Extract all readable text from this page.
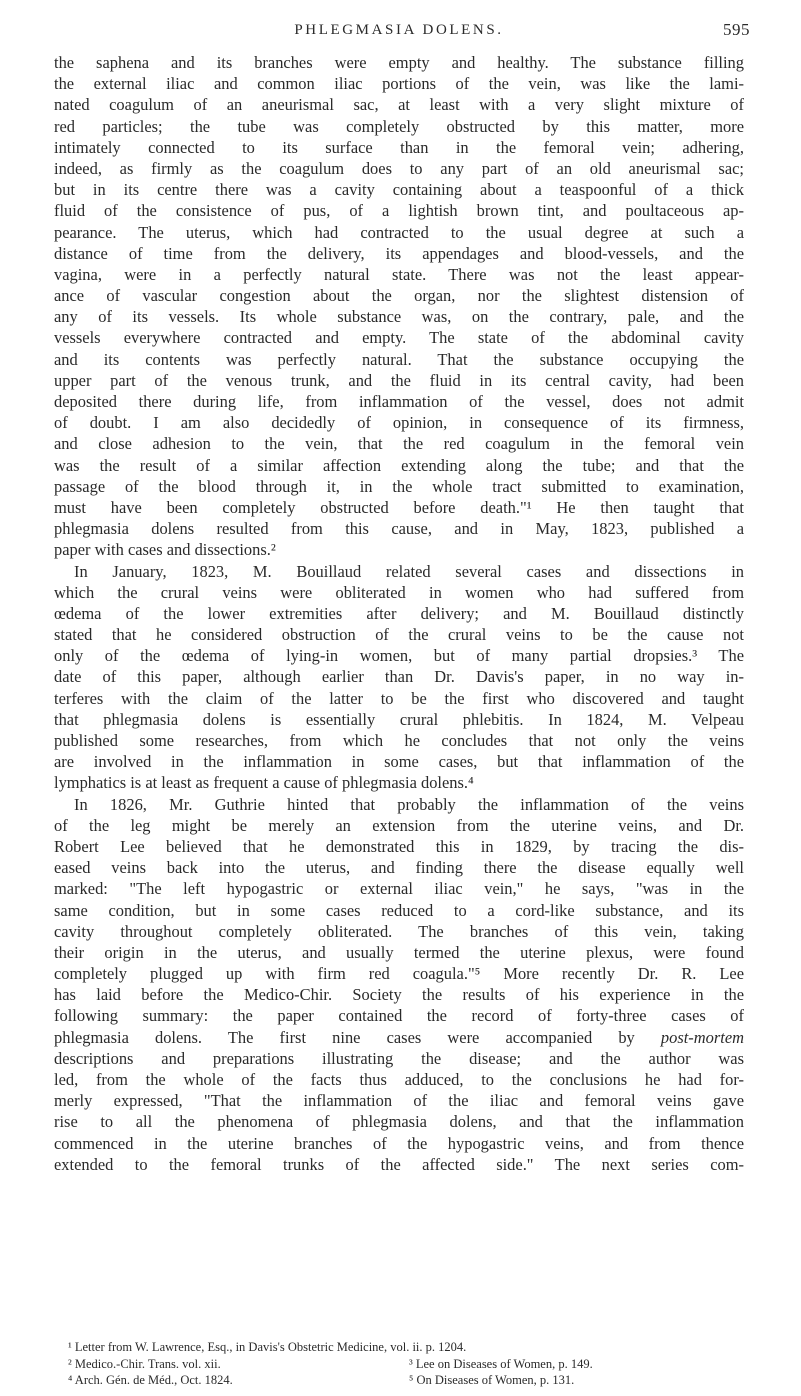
PHLEGMASIA DOLENS.	595
the saphena and its branches were empty and healthy. The substance filling
the external iliac and common iliac portions of the vein, was like the lami-
nated coagulum of an aneurismal sac, at least with a very slight mixture of
red particles; the tube was completely obstructed by this matter, more
intimately connected to its surface than in the femoral vein; adhering,
indeed, as firmly as the coagulum does to any part of an old aneurismal sac;
but in its centre there was a cavity containing about a teaspoonful of a thick
fluid of the consistence of pus, of a lightish brown tint, and poultaceous ap-
pearance. The uterus, which had contracted to the usual degree at such a
distance of time from the delivery, its appendages and blood-vessels, and the
vagina, were in a perfectly natural state. There was not the least appear-
ance of vascular congestion about the organ, nor the slightest distension of
any of its vessels. Its whole substance was, on the contrary, pale, and the
vessels everywhere contracted and empty. The state of the abdominal cavity
and its contents was perfectly natural. That the substance occupying the
upper part of the venous trunk, and the fluid in its central cavity, had been
deposited there during life, from inflammation of the vessel, does not admit
of doubt. I am also decidedly of opinion, in consequence of its firmness,
and close adhesion to the vein, that the red coagulum in the femoral vein
was the result of a similar affection extending along the tube; and that the
passage of the blood through it, in the whole tract submitted to examination,
must have been completely obstructed before death."¹ He then taught that
phlegmasia dolens resulted from this cause, and in May, 1823, published a
paper with cases and dissections.²
In January, 1823, M. Bouillaud related several cases and dissections in
which the crural veins were obliterated in women who had suffered from
œdema of the lower extremities after delivery; and M. Bouillaud distinctly
stated that he considered obstruction of the crural veins to be the cause not
only of the œdema of lying-in women, but of many partial dropsies.³ The
date of this paper, although earlier than Dr. Davis's paper, in no way in-
terferes with the claim of the latter to be the first who discovered and taught
that phlegmasia dolens is essentially crural phlebitis. In 1824, M. Velpeau
published some researches, from which he concludes that not only the veins
are involved in the inflammation in some cases, but that inflammation of the
lymphatics is at least as frequent a cause of phlegmasia dolens.⁴
In 1826, Mr. Guthrie hinted that probably the inflammation of the veins
of the leg might be merely an extension from the uterine veins, and Dr.
Robert Lee believed that he demonstrated this in 1829, by tracing the dis-
eased veins back into the uterus, and finding there the disease equally well
marked: "The left hypogastric or external iliac vein," he says, "was in the
same condition, but in some cases reduced to a cord-like substance, and its
cavity throughout completely obliterated. The branches of this vein, taking
their origin in the uterus, and usually termed the uterine plexus, were found
completely plugged up with firm red coagula."⁵ More recently Dr. R. Lee
has laid before the Medico-Chir. Society the results of his experience in the
following summary: the paper contained the record of forty-three cases of
phlegmasia dolens. The first nine cases were accompanied by post-mortem
descriptions and preparations illustrating the disease; and the author was
led, from the whole of the facts thus adduced, to the conclusions he had for-
merly expressed, "That the inflammation of the iliac and femoral veins gave
rise to all the phenomena of phlegmasia dolens, and that the inflammation
commenced in the uterine branches of the hypogastric veins, and from thence
extended to the femoral trunks of the affected side." The next series com-
¹ Letter from W. Lawrence, Esq., in Davis's Obstetric Medicine, vol. ii. p. 1204.
² Medico.-Chir. Trans. vol. xii.	³ Lee on Diseases of Women, p. 149.
⁴ Arch. Gén. de Méd., Oct. 1824.	⁵ On Diseases of Women, p. 131.
